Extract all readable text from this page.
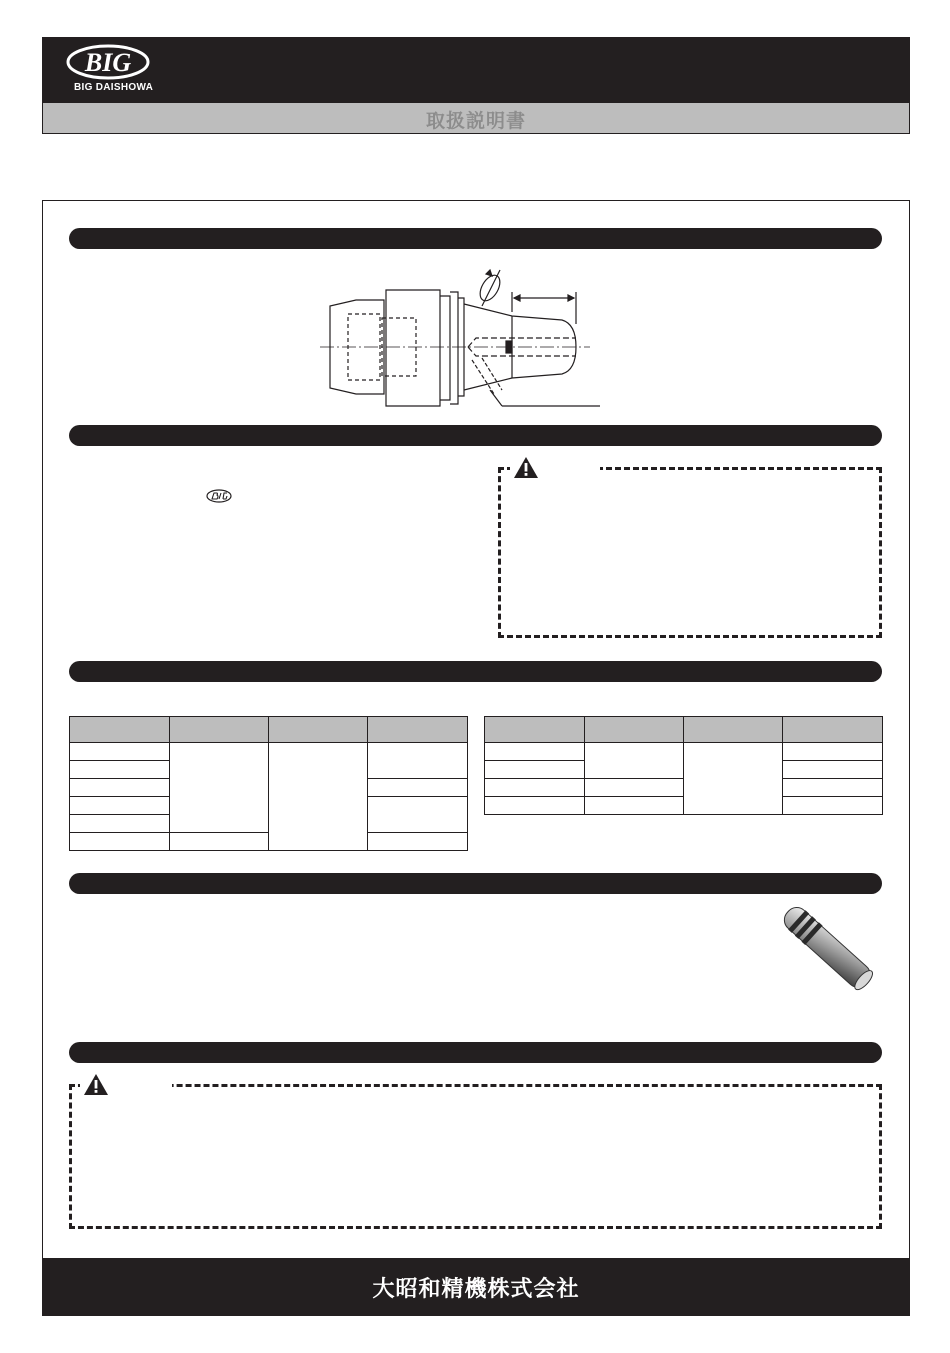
BIG
BIG DAISHOWA
取扱説明書

大昭和精機株式会社
